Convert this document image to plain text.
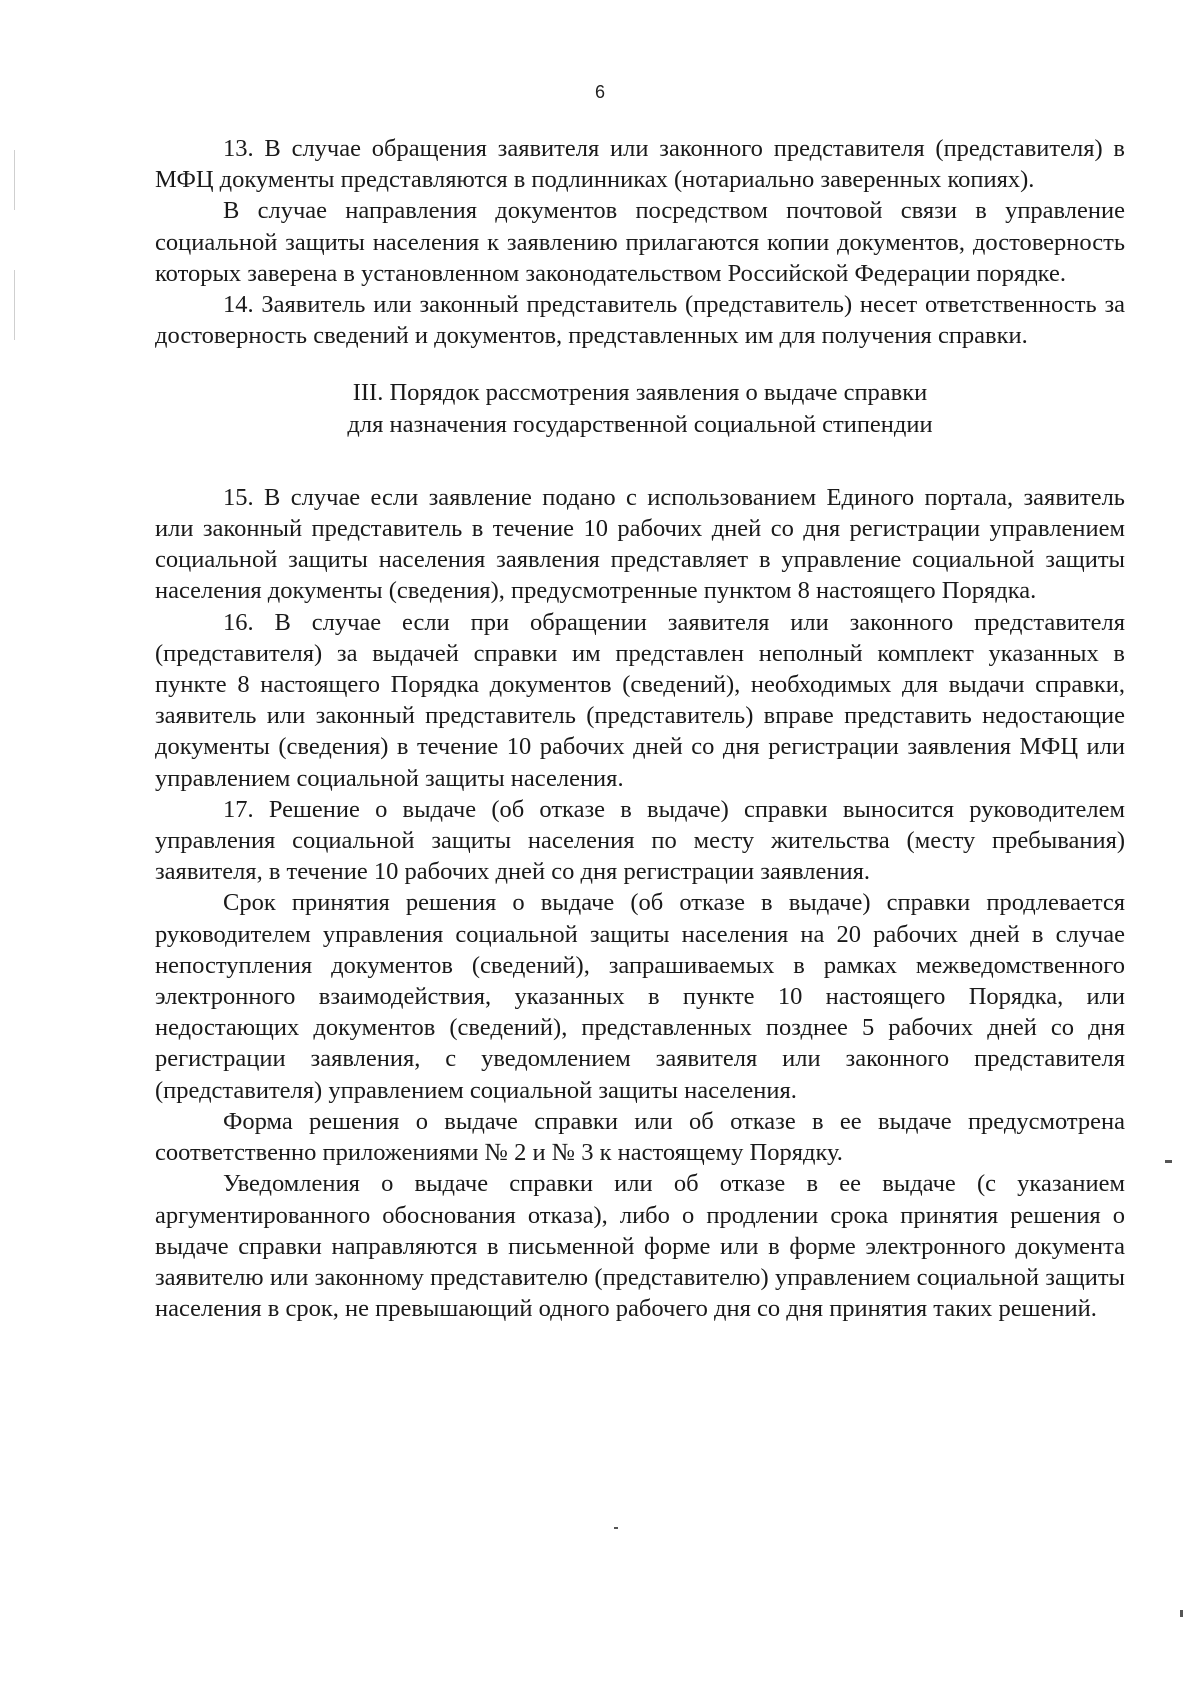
6

13. В случае обращения заявителя или законного представителя (представителя) в МФЦ документы представляются в подлинниках (нотариально заверенных копиях).

В случае направления документов посредством почтовой связи в управление социальной защиты населения к заявлению прилагаются копии документов, достоверность которых заверена в установленном законодательством Российской Федерации порядке.

14. Заявитель или законный представитель (представитель) несет ответственность за достоверность сведений и документов, представленных им для получения справки.

III. Порядок рассмотрения заявления о выдаче справки

для назначения государственной социальной стипендии

15. В случае если заявление подано с использованием Единого портала, заявитель или законный представитель в течение 10 рабочих дней со дня регистрации управлением социальной защиты населения заявления представляет в управление социальной защиты населения документы (сведения), предусмотренные пунктом 8 настоящего Порядка.

16. В случае если при обращении заявителя или законного представителя (представителя) за выдачей справки им представлен неполный комплект указанных в пункте 8 настоящего Порядка документов (сведений), необходимых для выдачи справки, заявитель или законный представитель (представитель) вправе представить недостающие документы (сведения) в течение 10 рабочих дней со дня регистрации заявления МФЦ или управлением социальной защиты населения.

17. Решение о выдаче (об отказе в выдаче) справки выносится руководителем управления социальной защиты населения по месту жительства (месту пребывания) заявителя, в течение 10 рабочих дней со дня регистрации заявления.

Срок принятия решения о выдаче (об отказе в выдаче) справки продлевается руководителем управления социальной защиты населения на 20 рабочих дней в случае непоступления документов (сведений), запрашиваемых в рамках межведомственного электронного взаимодействия, указанных в пункте 10 настоящего Порядка, или недостающих документов (сведений), представленных позднее 5 рабочих дней со дня регистрации заявления, с уведомлением заявителя или законного представителя (представителя) управлением социальной защиты населения.

Форма решения о выдаче справки или об отказе в ее выдаче предусмотрена соответственно приложениями № 2 и № 3 к настоящему Порядку.

Уведомления о выдаче справки или об отказе в ее выдаче (с указанием аргументированного обоснования отказа), либо о продлении срока принятия решения о выдаче справки направляются в письменной форме или в форме электронного документа заявителю или законному представителю (представителю) управлением социальной защиты населения в срок, не превышающий одного рабочего дня со дня принятия таких решений.
